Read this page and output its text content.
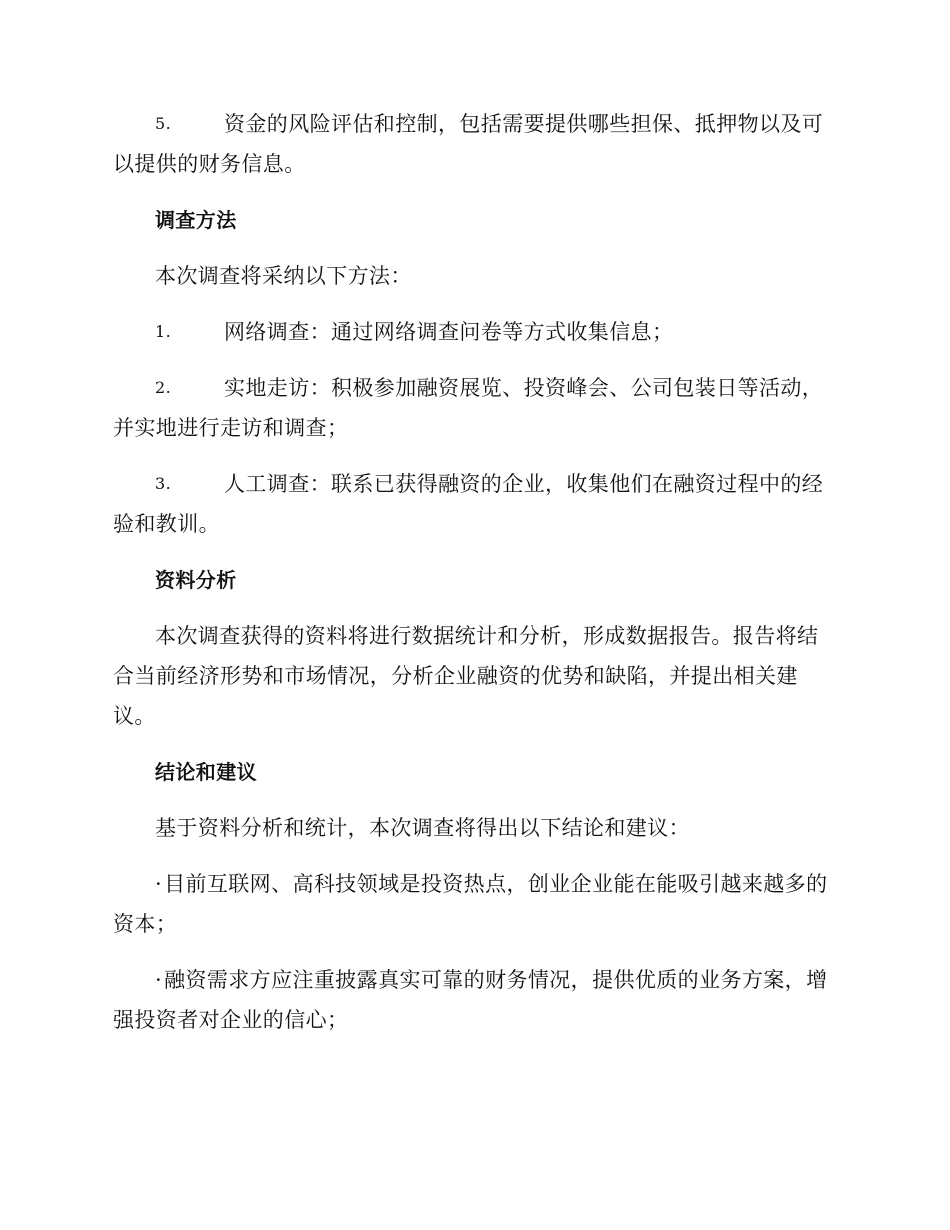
5.	资金的风险评估和控制，包括需要提供哪些担保、抵押物以及可以提供的财务信息。

调查方法

本次调查将采纳以下方法：

1.	网络调查：通过网络调查问卷等方式收集信息；

2.	实地走访：积极参加融资展览、投资峰会、公司包装日等活动，并实地进行走访和调查；

3.	人工调查：联系已获得融资的企业，收集他们在融资过程中的经验和教训。

资料分析

本次调查获得的资料将进行数据统计和分析，形成数据报告。报告将结合当前经济形势和市场情况，分析企业融资的优势和缺陷，并提出相关建议。

结论和建议

基于资料分析和统计，本次调查将得出以下结论和建议：

·目前互联网、高科技领域是投资热点，创业企业能在能吸引越来越多的资本；

·融资需求方应注重披露真实可靠的财务情况，提供优质的业务方案，增强投资者对企业的信心；
